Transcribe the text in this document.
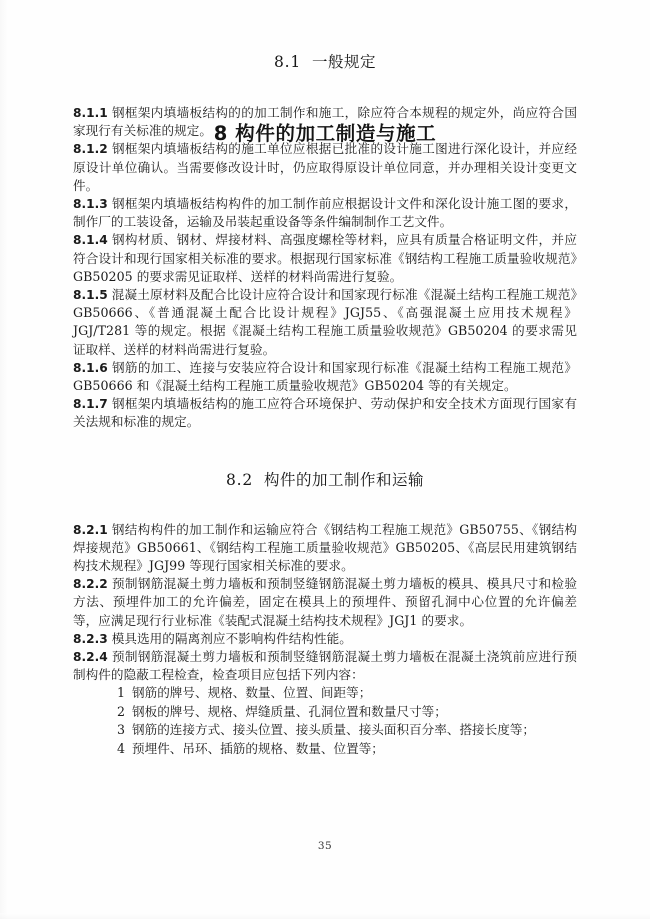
8 构件的加工制造与施工
8.1 一般规定

8.1.1 钢框架内填墙板结构的的加工制作和施工，除应符合本规程的规定外，尚应符合国家现行有关标准的规定。

8.1.2 钢框架内填墙板结构的施工单位应根据已批准的设计施工图进行深化设计，并应经原设计单位确认。当需要修改设计时，仍应取得原设计单位同意，并办理相关设计变更文件。

8.1.3 钢框架内填墙板结构构件的加工制作前应根据设计文件和深化设计施工图的要求，制作厂的工装设备，运输及吊装起重设备等条件编制制作工艺文件。

8.1.4 钢构材质、钢材、焊接材料、高强度螺栓等材料，应具有质量合格证明文件，并应符合设计和现行国家相关标准的要求。根据现行国家标准《钢结构工程施工质量验收规范》GB50205 的要求需见证取样、送样的材料尚需进行复验。

8.1.5 混凝土原材料及配合比设计应符合设计和国家现行标准《混凝土结构工程施工规范》GB50666、《普通混凝土配合比设计规程》JGJ55、《高强混凝土应用技术规程》JGJ/T281 等的规定。根据《混凝土结构工程施工质量验收规范》GB50204 的要求需见证取样、送样的材料尚需进行复验。

8.1.6 钢筋的加工、连接与安装应符合设计和国家现行标准《混凝土结构工程施工规范》GB50666 和《混凝土结构工程施工质量验收规范》GB50204 等的有关规定。

8.1.7 钢框架内填墙板结构的施工应符合环境保护、劳动保护和安全技术方面现行国家有关法规和标准的规定。

8.2 构件的加工制作和运输

8.2.1 钢结构构件的加工制作和运输应符合《钢结构工程施工规范》GB50755、《钢结构焊接规范》GB50661、《钢结构工程施工质量验收规范》GB50205、《高层民用建筑钢结构技术规程》JGJ99 等现行国家相关标准的要求。

8.2.2 预制钢筋混凝土剪力墙板和预制竖缝钢筋混凝土剪力墙板的模具、模具尺寸和检验方法、预埋件加工的允许偏差，固定在模具上的预埋件、预留孔洞中心位置的允许偏差等，应满足现行行业标准《装配式混凝土结构技术规程》JGJ1 的要求。

8.2.3 模具选用的隔离剂应不影响构件结构性能。

8.2.4 预制钢筋混凝土剪力墙板和预制竖缝钢筋混凝土剪力墙板在混凝土浇筑前应进行预制构件的隐蔽工程检查，检查项目应包括下列内容：

1 钢筋的牌号、规格、数量、位置、间距等；

2 钢板的牌号、规格、焊缝质量、孔洞位置和数量尺寸等；

3 钢筋的连接方式、接头位置、接头质量、接头面积百分率、搭接长度等；

4 预埋件、吊环、插筋的规格、数量、位置等；

35
